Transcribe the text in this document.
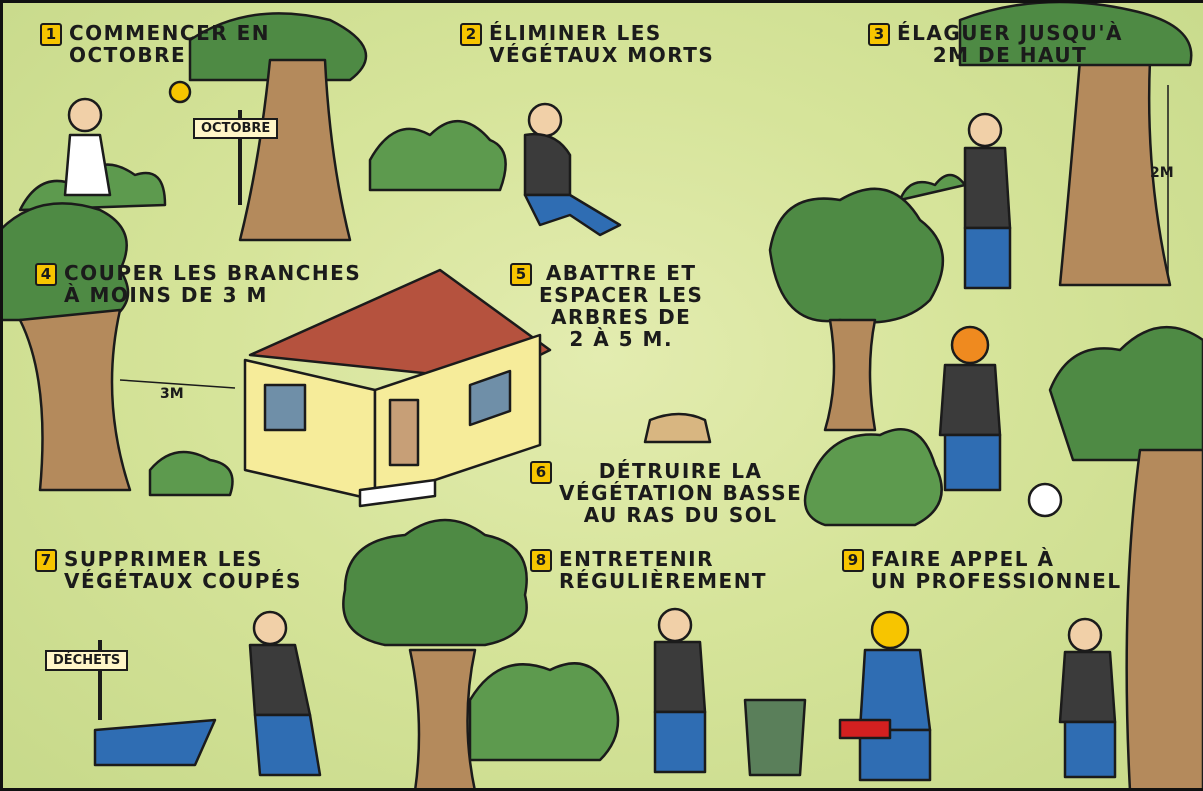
1 COMMENCER EN
OCTOBRE
2 ÉLIMINER LES
VÉGÉTAUX MORTS
3 ÉLAGUER JUSQU'À
2M DE HAUT
4 COUPER LES BRANCHES
À MOINS DE 3 M
5 ABATTRE ET
ESPACER LES
ARBRES DE
2 À 5 M.
6	DÉTRUIRE LA
VÉGÉTATION BASSE
AU RAS DU SOL
7 SUPPRIMER LES
VÉGÉTAUX COUPÉS
8 ENTRETENIR
RÉGULIÈREMENT
9 FAIRE APPEL À
UN PROFESSIONNEL
OCTOBRE
DÉCHETS
3M
2M
